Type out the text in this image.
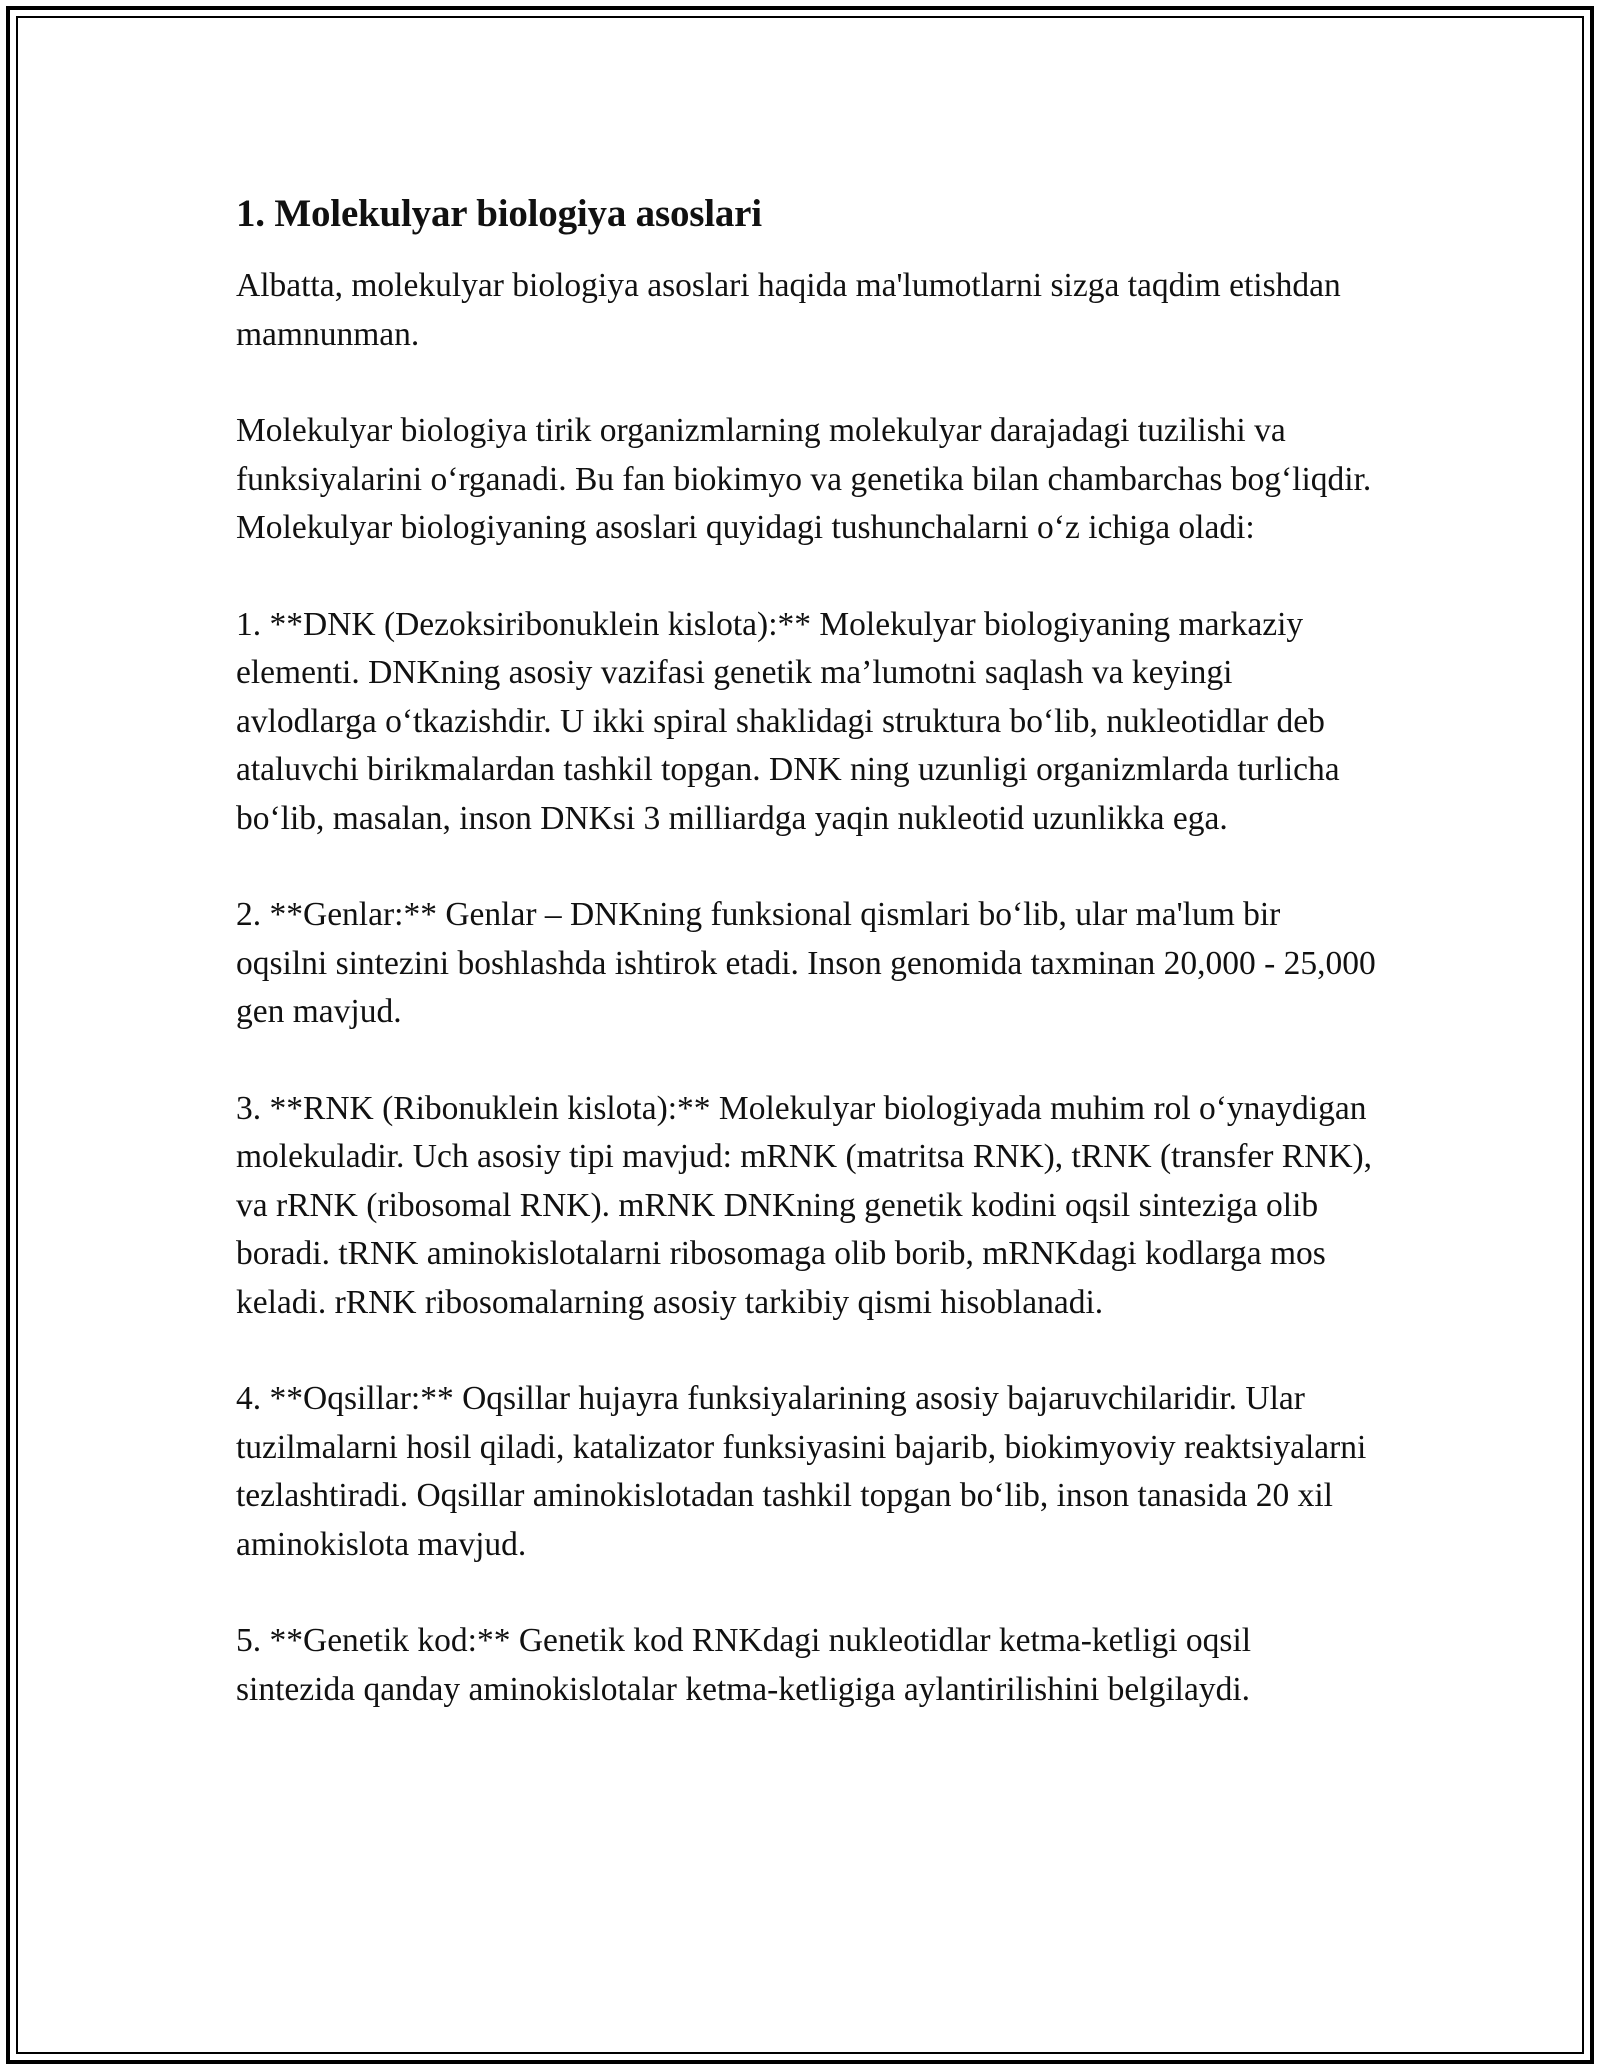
1. Molekulyar biologiya asoslari

Albatta, molekulyar biologiya asoslari haqida ma'lumotlarni sizga taqdim etishdan mamnunman.

Molekulyar biologiya tirik organizmlarning molekulyar darajadagi tuzilishi va funksiyalarini oʻrganadi. Bu fan biokimyo va genetika bilan chambarchas bogʻliqdir. Molekulyar biologiyaning asoslari quyidagi tushunchalarni oʻz ichiga oladi:

1. **DNK (Dezoksiribonuklein kislota):** Molekulyar biologiyaning markaziy elementi. DNKning asosiy vazifasi genetik ma’lumotni saqlash va keyingi avlodlarga oʻtkazishdir. U ikki spiral shaklidagi struktura boʻlib, nukleotidlar deb ataluvchi birikmalardan tashkil topgan. DNK ning uzunligi organizmlarda turlicha boʻlib, masalan, inson DNKsi 3 milliardga yaqin nukleotid uzunlikka ega.

2. **Genlar:** Genlar – DNKning funksional qismlari boʻlib, ular ma'lum bir oqsilni sintezini boshlashda ishtirok etadi. Inson genomida taxminan 20,000 - 25,000 gen mavjud.

3. **RNK (Ribonuklein kislota):** Molekulyar biologiyada muhim rol oʻynaydigan molekuladir. Uch asosiy tipi mavjud: mRNK (matritsa RNK), tRNK (transfer RNK), va rRNK (ribosomal RNK). mRNK DNKning genetik kodini oqsil sinteziga olib boradi. tRNK aminokislotalarni ribosomaga olib borib, mRNKdagi kodlarga mos keladi. rRNK ribosomalarning asosiy tarkibiy qismi hisoblanadi.

4. **Oqsillar:** Oqsillar hujayra funksiyalarining asosiy bajaruvchilaridir. Ular tuzilmalarni hosil qiladi, katalizator funksiyasini bajarib, biokimyoviy reaktsiyalarni tezlashtiradi. Oqsillar aminokislotadan tashkil topgan boʻlib, inson tanasida 20 xil aminokislota mavjud.

5. **Genetik kod:** Genetik kod RNKdagi nukleotidlar ketma-ketligi oqsil sintezida qanday aminokislotalar ketma-ketligiga aylantirilishini belgilaydi.
